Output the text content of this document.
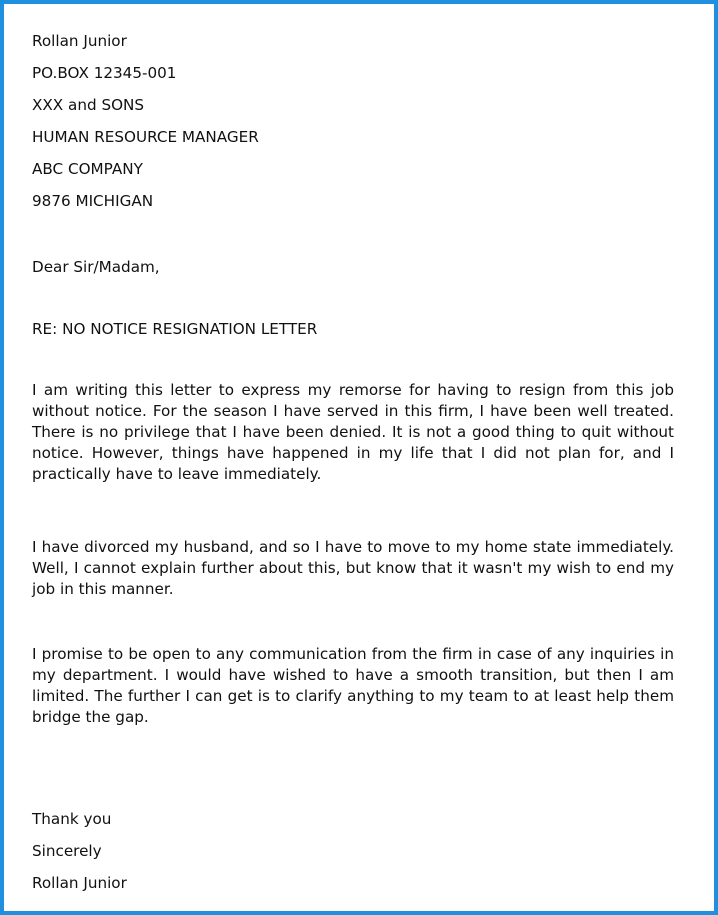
Rollan Junior
PO.BOX 12345-001
XXX and SONS
HUMAN RESOURCE MANAGER
ABC COMPANY
9876 MICHIGAN
Dear Sir/Madam,
RE: NO NOTICE RESIGNATION LETTER
I am writing this letter to express my remorse for having to resign from this job without notice. For the season I have served in this firm, I have been well treated. There is no privilege that I have been denied. It is not a good thing to quit without notice. However, things have happened in my life that I did not plan for, and I practically have to leave immediately.
I have divorced my husband, and so I have to move to my home state immediately. Well, I cannot explain further about this, but know that it wasn't my wish to end my job in this manner.
I promise to be open to any communication from the firm in case of any inquiries in my department. I would have wished to have a smooth transition, but then I am limited. The further I can get is to clarify anything to my team to at least help them bridge the gap.
Thank you
Sincerely
Rollan Junior
